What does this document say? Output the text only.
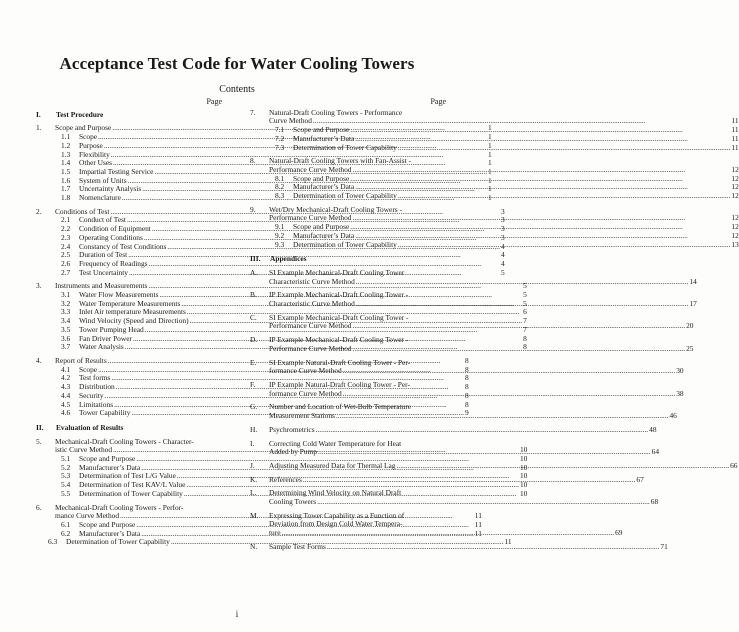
Acceptance Test Code for Water Cooling Towers
Contents
Page
I.	Test Procedure
1.	Scope and Purpose .....	1
1.1	Scope .....	1
1.2	Purpose .....	1
1.3	Flexibility .....	1
1.4	Other Uses .....	1
1.5	Impartial Testing Service .....	1
1.6	System of Units .....	1
1.7	Uncertainty Analysis .....	1
1.8	Nomenclature .....	1
2.	Conditions of Test .....	3
2.1	Conduct of Test .....	3
2.2	Condition of Equipment .....	3
2.3	Operating Conditions .....	3
2.4	Constancy of Test Conditions .....	4
2.5	Duration of Test .....	4
2.6	Frequency of Readings .....	4
2.7	Test Uncertainty .....	5
3.	Instruments and Measurements .....	5
3.1	Water Flow Measurements .....	5
3.2	Water Temperature Measurements .....	5
3.3	Inlet Air temperature Measurements .....	6
3.4	Wind Velocity (Speed and Direction) .....	7
3.5	Tower Pumping Head .....	7
3.6	Fan Driver Power .....	8
3.7	Water Analysis .....	8
4.	Report of Results .....	8
4.1	Scope .....	8
4.2	Test forms .....	8
4.3	Distribution .....	8
4.4	Security .....	8
4.5	Limitations .....	8
4.6	Tower Capability .....	9
II.	Evaluation of Results
5.	Mechanical-Draft Cooling Towers - Character-
istic Curve Method .....	10
5.1	Scope and Purpose .....	10
5.2	Manufacturer’s Data .....	10
5.3	Determination of Test L/G Value .....	10
5.4	Determination of Test KAV/L Value .....	10
5.5	Determination of Tower Capability .....	10
6.	Mechanical-Draft Cooling Towers - Perfor-
mance Curve Method .....	11
6.1	Scope and Purpose .....	11
6.2	Manufacturer’s Data .....	11
6.3	Determination of Tower Capability .....	11
Page
7.	Natural-Draft Cooling Towers - Performance
Curve Method .....	11
7.1	Scope and Purpose .....	11
7.2	Manufacturer’s Data .....	11
7.3	Determination of Tower Capability .....	11
8.	Natural-Draft Cooling Towers with Fan-Assist -
Performance Curve Method .....	12
8.1	Scope and Purpose .....	12
8.2	Manufacturer’s Data .....	12
8.3	Determination of Tower Capability .....	12
9.	Wet/Dry Mechanical-Draft Cooling Towers -
Performance Curve Method .....	12
9.1	Scope and Purpose .....	12
9.2	Manufacturer’s Data .....	12
9.3	Determination of Tower Capability .....	13
III.	Appendices
A.	SI Example Mechanical-Draft Cooling Tower
Characteristic Curve Method .....	14
B.	IP Example Mechanical-Draft Cooling Tower -
Characteristic Curve Method .....	17
C.	SI Example Mechanical-Draft Cooling Tower -
Performance Curve Method .....	20
D.	IP Example Mechanical-Draft Cooling Tower -
Performance Curve Method .....	25
E.	SI Example Natural-Draft Cooling Tower - Per-
formance Curve Method .....	30
F.	IP Example Natural-Draft Cooling Tower - Per-
formance Curve Method .....	38
G.	Number and Location of Wet-Bulb Temperature
Measurement Stations .....	46
H.	Psychrometrics .....	48
I.	Correcting Cold Water Temperature for Heat
Added by Pump .....	64
J.	Adjusting Measured Data for Thermal Lag .....	66
K.	References .....	67
L.	Determining Wind Velocity on Natural Draft
Cooling Towers .....	68
M.	Expressing Tower Capability as a Function of
Deviation from Design Cold Water Tempera-
ture .....	69
N.	Sample Test Forms .....	71
i
